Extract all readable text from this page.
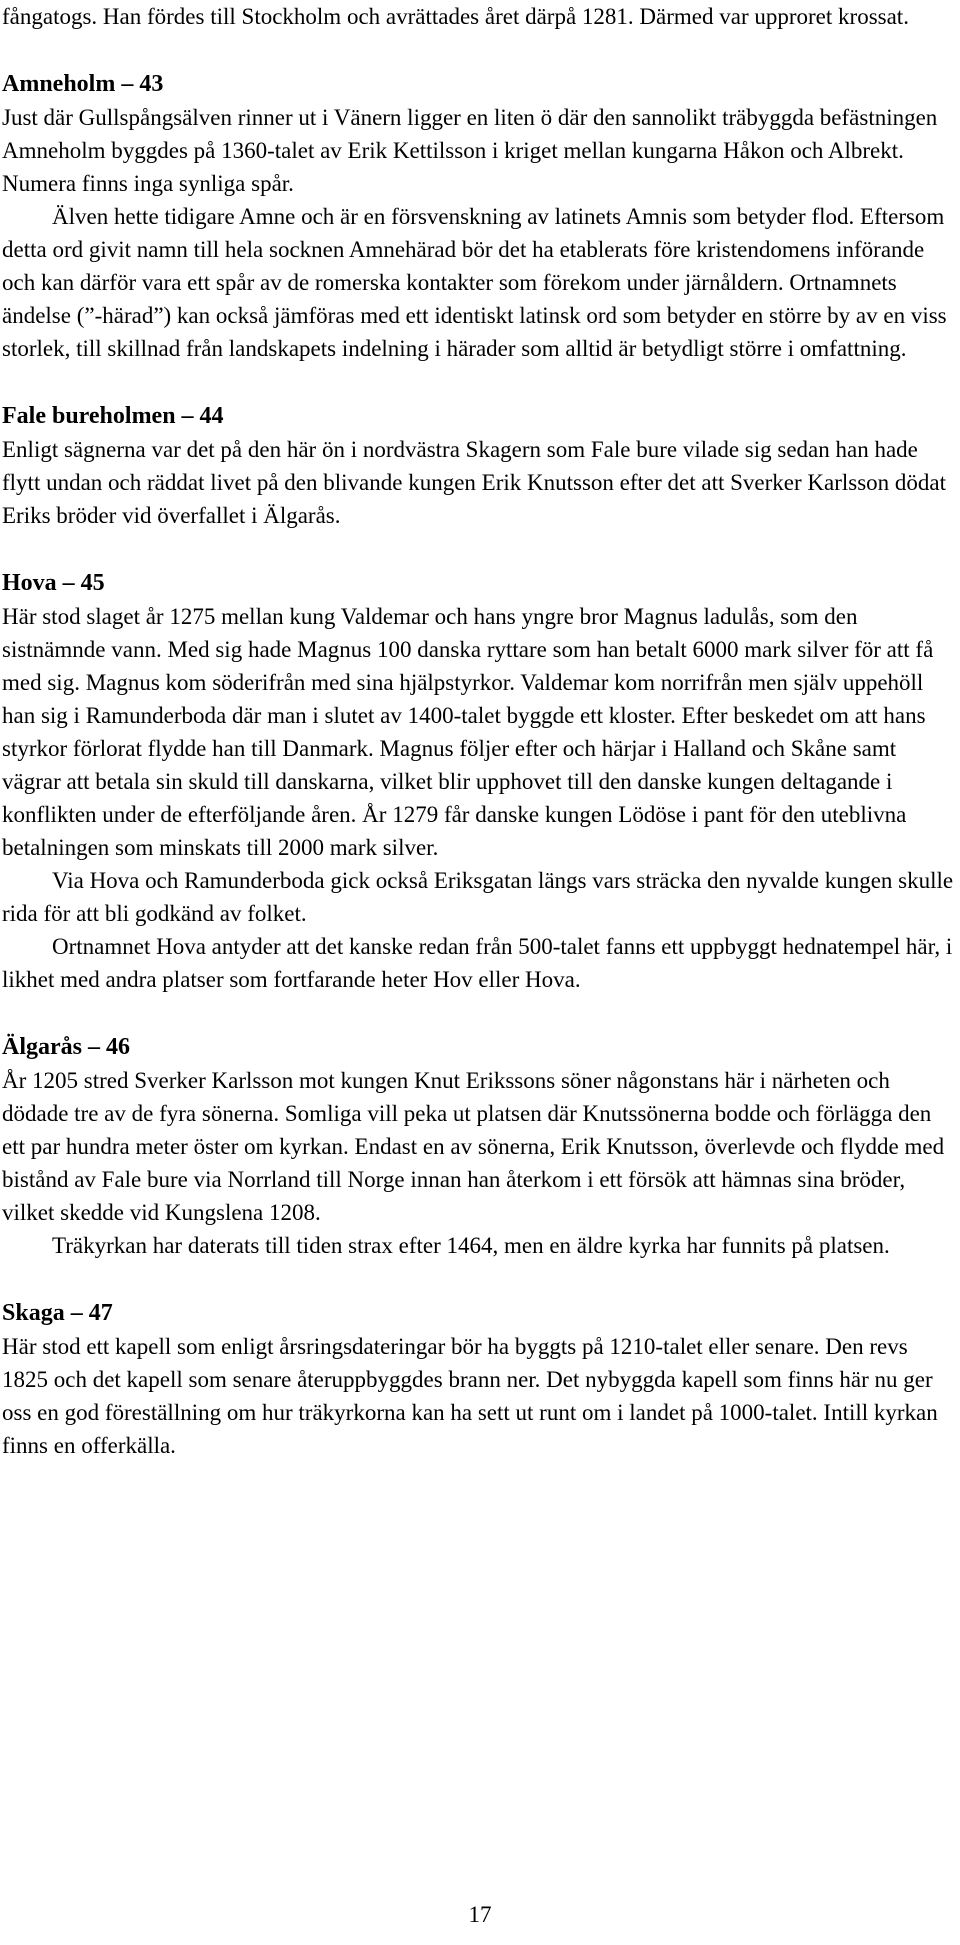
fångatogs. Han fördes till Stockholm och avrättades året därpå 1281. Därmed var upproret krossat.

Amneholm – 43

Just där Gullspångsälven rinner ut i Vänern ligger en liten ö där den sannolikt träbyggda befästningen Amneholm byggdes på 1360-talet av Erik Kettilsson i kriget mellan kungarna Håkon och Albrekt. Numera finns inga synliga spår.

Älven hette tidigare Amne och är en försvenskning av latinets Amnis som betyder flod. Eftersom detta ord givit namn till hela socknen Amnehärad bör det ha etablerats före kristendomens införande och kan därför vara ett spår av de romerska kontakter som förekom under järnåldern. Ortnamnets ändelse (”-härad”) kan också jämföras med ett identiskt latinsk ord som betyder en större by av en viss storlek, till skillnad från landskapets indelning i härader som alltid är betydligt större i omfattning.

Fale bureholmen – 44

Enligt sägnerna var det på den här ön i nordvästra Skagern som Fale bure vilade sig sedan han hade flytt undan och räddat livet på den blivande kungen Erik Knutsson efter det att Sverker Karlsson dödat Eriks bröder vid överfallet i Älgarås.

Hova – 45

Här stod slaget år 1275 mellan kung Valdemar och hans yngre bror Magnus ladulås, som den sistnämnde vann. Med sig hade Magnus 100 danska ryttare som han betalt 6000 mark silver för att få med sig. Magnus kom söderifrån med sina hjälpstyrkor. Valdemar kom norrifrån men själv uppehöll han sig i Ramunderboda där man i slutet av 1400-talet byggde ett kloster. Efter beskedet om att hans styrkor förlorat flydde han till Danmark. Magnus följer efter och härjar i Halland och Skåne samt vägrar att betala sin skuld till danskarna, vilket blir upphovet till den danske kungen deltagande i konflikten under de efterföljande åren. År 1279 får danske kungen Lödöse i pant för den uteblivna betalningen som minskats till 2000 mark silver.

Via Hova och Ramunderboda gick också Eriksgatan längs vars sträcka den nyvalde kungen skulle rida för att bli godkänd av folket.

Ortnamnet Hova antyder att det kanske redan från 500-talet fanns ett uppbyggt hednatempel här, i likhet med andra platser som fortfarande heter Hov eller Hova.

Älgarås – 46

År 1205 stred Sverker Karlsson mot kungen Knut Erikssons söner någonstans här i närheten och dödade tre av de fyra sönerna. Somliga vill peka ut platsen där Knutssönerna bodde och förlägga den ett par hundra meter öster om kyrkan. Endast en av sönerna, Erik Knutsson, överlevde och flydde med bistånd av Fale bure via Norrland till Norge innan han återkom i ett försök att hämnas sina bröder, vilket skedde vid Kungslena 1208.

Träkyrkan har daterats till tiden strax efter 1464, men en äldre kyrka har funnits på platsen.

Skaga – 47

Här stod ett kapell som enligt årsringsdateringar bör ha byggts på 1210-talet eller senare. Den revs 1825 och det kapell som senare återuppbyggdes brann ner. Det nybyggda kapell som finns här nu ger oss en god föreställning om hur träkyrkorna kan ha sett ut runt om i landet på 1000-talet. Intill kyrkan finns en offerkälla.

17
